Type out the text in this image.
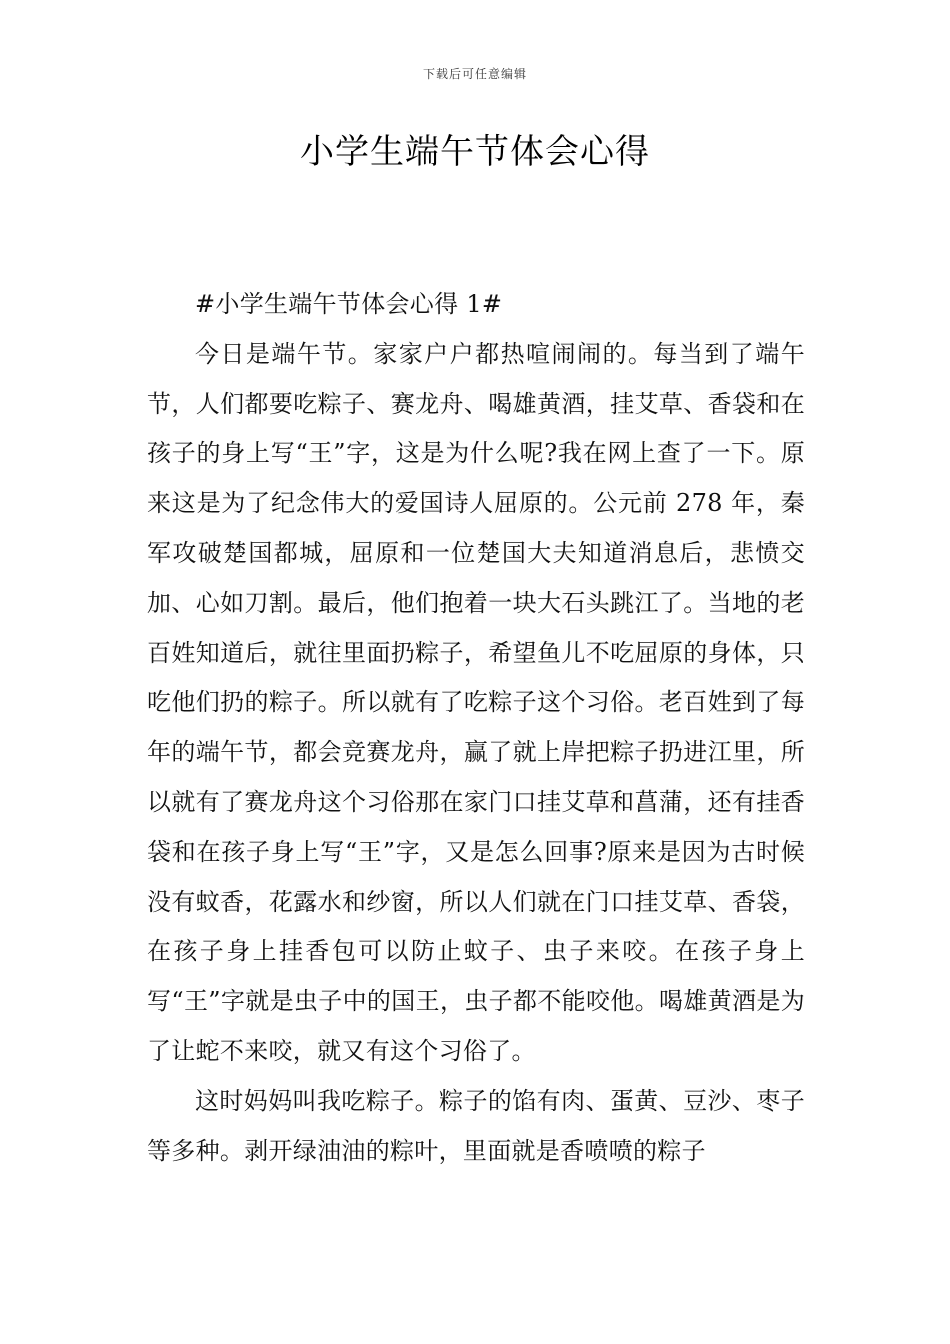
下载后可任意编辑
小学生端午节体会心得

#小学生端午节体会心得 1#

今日是端午节。家家户户都热喧闹闹的。每当到了端午节，人们都要吃粽子、赛龙舟、喝雄黄酒，挂艾草、香袋和在孩子的身上写“王”字，这是为什么呢?我在网上查了一下。原来这是为了纪念伟大的爱国诗人屈原的。公元前 278 年，秦军攻破楚国都城，屈原和一位楚国大夫知道消息后，悲愤交加、心如刀割。最后，他们抱着一块大石头跳江了。当地的老百姓知道后，就往里面扔粽子，希望鱼儿不吃屈原的身体，只吃他们扔的粽子。所以就有了吃粽子这个习俗。老百姓到了每年的端午节，都会竞赛龙舟，赢了就上岸把粽子扔进江里，所以就有了赛龙舟这个习俗那在家门口挂艾草和菖蒲，还有挂香袋和在孩子身上写“王”字，又是怎么回事?原来是因为古时候没有蚊香，花露水和纱窗，所以人们就在门口挂艾草、香袋，在孩子身上挂香包可以防止蚊子、虫子来咬。在孩子身上写“王”字就是虫子中的国王，虫子都不能咬他。喝雄黄酒是为了让蛇不来咬，就又有这个习俗了。

这时妈妈叫我吃粽子。粽子的馅有肉、蛋黄、豆沙、枣子等多种。剥开绿油油的粽叶，里面就是香喷喷的粽子
